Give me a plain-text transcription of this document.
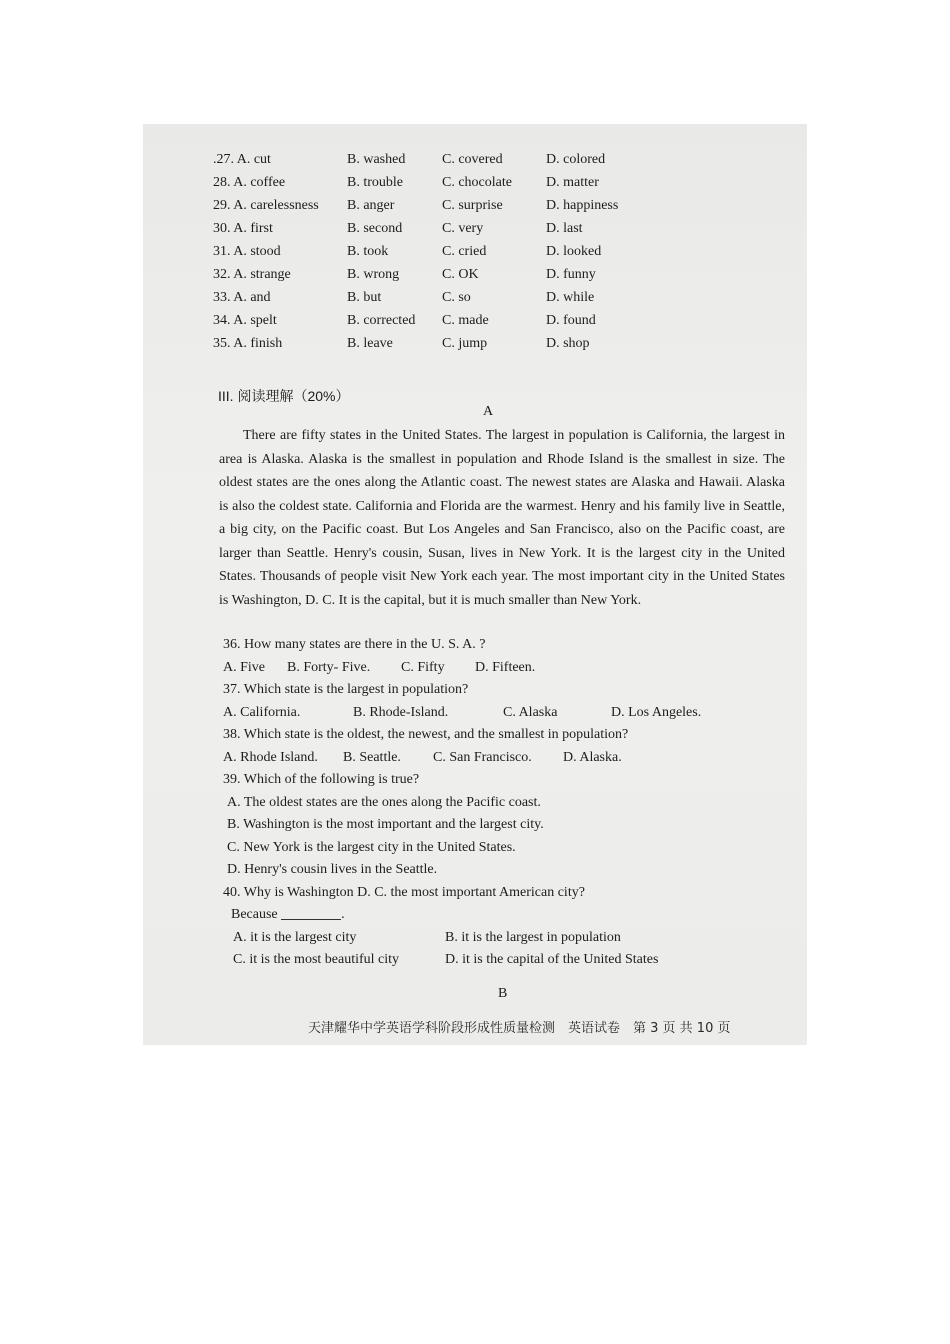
.27. A. cut	B. washed	C. covered	D. colored
28. A. coffee	B. trouble	C. chocolate D. matter
29. A. carelessness B. anger	C. surprise	D. happiness
30. A. first	B. second	C. very	D. last
31. A. stood	B. took	C. cried	D. looked
32. A. strange	B. wrong	C. OK	D. funny
33. A. and	B. but	C. so	D. while
34. A. spelt	B. corrected C. made	D. found
35. A. finish	B. leave	C. jump	D. shop
III. 阅读理解（20%）
A

There are fifty states in the United States. The largest in population is California, the largest in area is Alaska. Alaska is the smallest in population and Rhode Island is the smallest in size. The oldest states are the ones along the Atlantic coast. The newest states are Alaska and Hawaii. Alaska is also the coldest state. California and Florida are the warmest. Henry and his family live in Seattle, a big city, on the Pacific coast. But Los Angeles and San Francisco, also on the Pacific coast, are larger than Seattle. Henry's cousin, Susan, lives in New York. It is the largest city in the United States. Thousands of people visit New York each year. The most important city in the United States is Washington, D. C. It is the capital, but it is much smaller than New York.

36. How many states are there in the U. S. A. ?
A. Five B. Forty- Five. C. Fifty D. Fifteen.
37. Which state is the largest in population?
A. California.	B. Rhode-Island.	C. Alaska	D. Los Angeles.
38. Which state is the oldest, the newest, and the smallest in population?
A. Rhode Island. B. Seattle. C. San Francisco. D. Alaska.
39. Which of the following is true?
A. The oldest states are the ones along the Pacific coast.
B. Washington is the most important and the largest city.
C. New York is the largest city in the United States.
D. Henry's cousin lives in the Seattle.
40. Why is Washington D. C. the most important American city?
Because	.
A. it is the largest city	B. it is the largest in population
C. it is the most beautiful city	D. it is the capital of the United States
B
天津耀华中学英语学科阶段形成性质量检测　英语试卷　第 3 页 共 10 页
